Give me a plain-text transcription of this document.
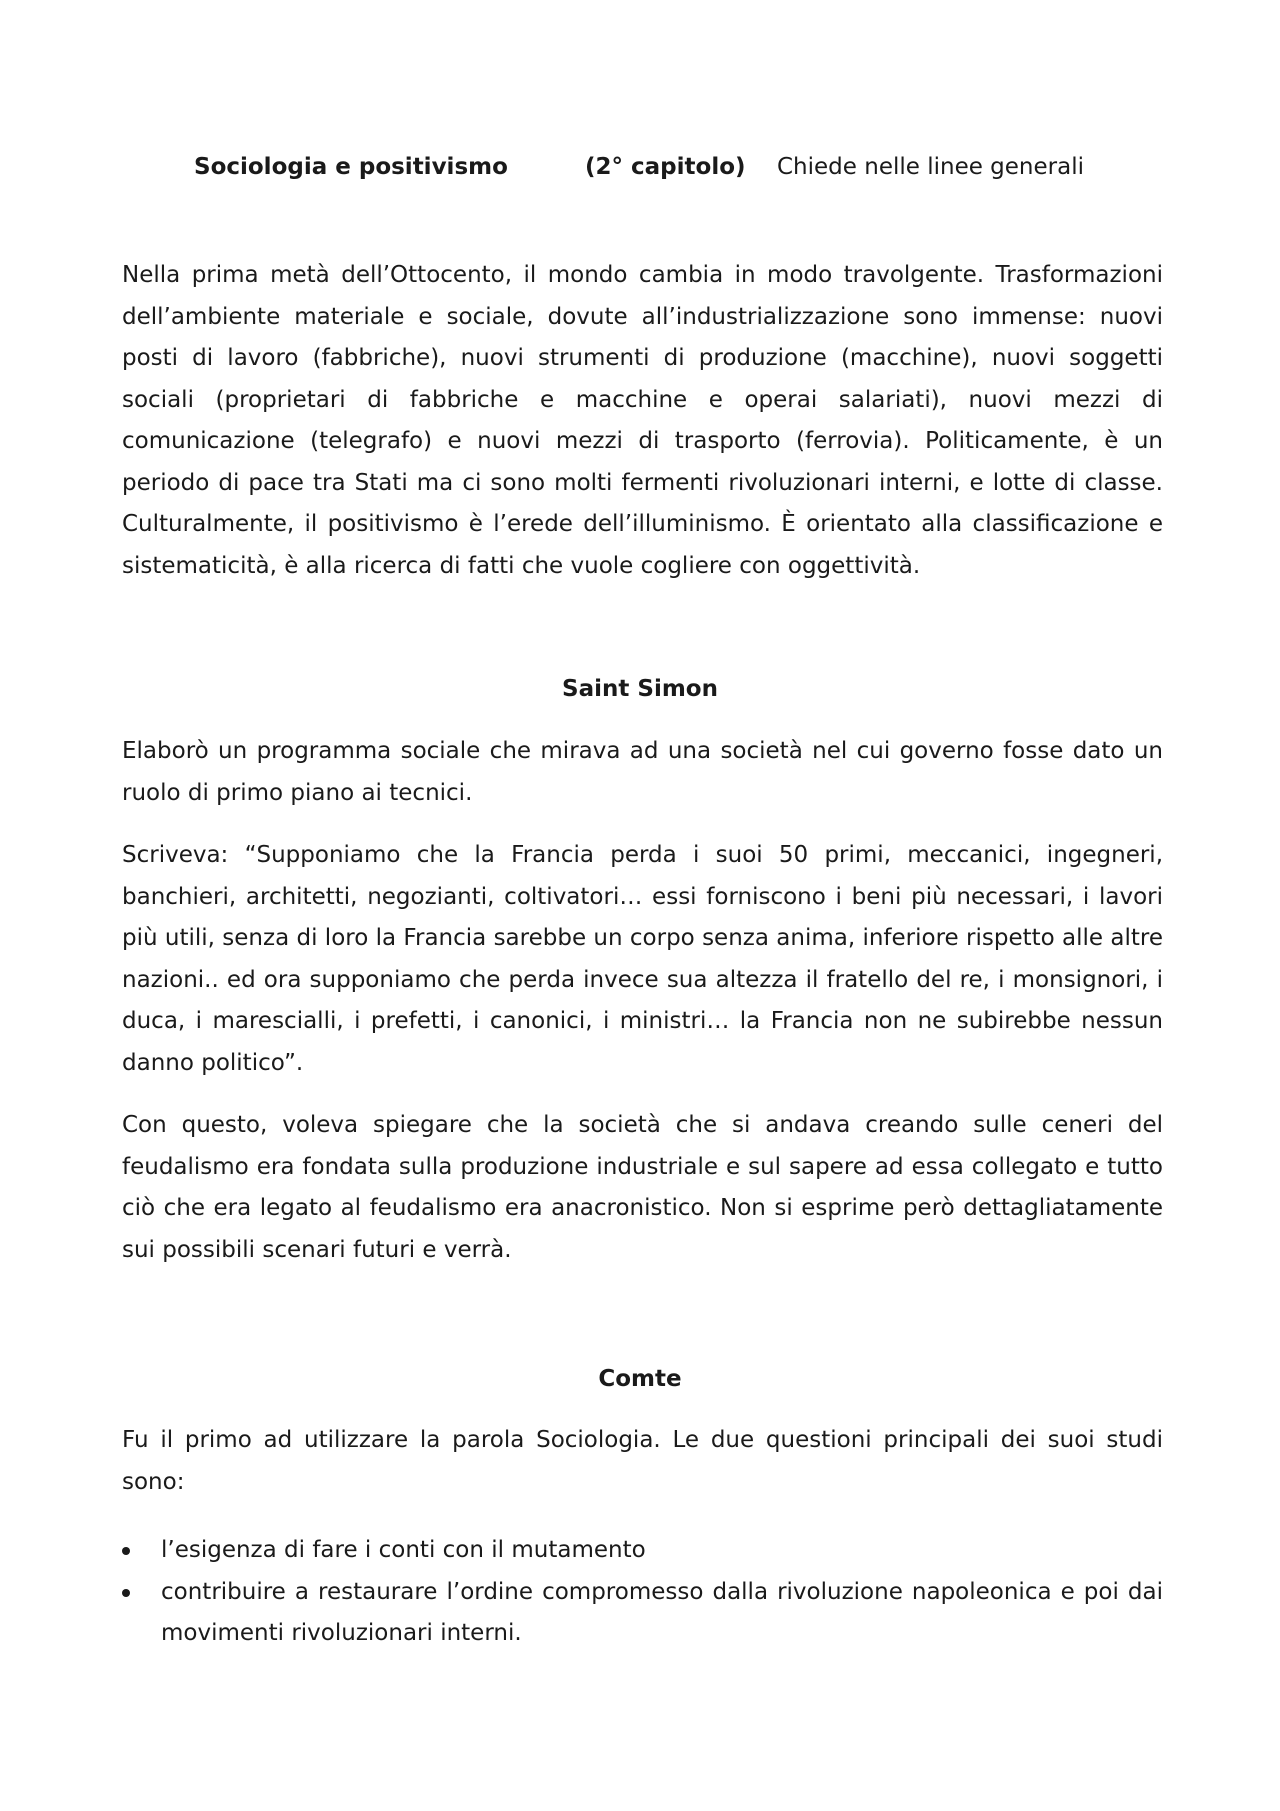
Sociologia e positivismo	(2° capitolo) Chiede nelle linee generali

Nella prima metà dell’Ottocento, il mondo cambia in modo travolgente. Trasformazioni dell’ambiente materiale e sociale, dovute all’industrializzazione sono immense: nuovi posti di lavoro (fabbriche), nuovi strumenti di produzione (macchine), nuovi soggetti sociali (proprietari di fabbriche e macchine e operai salariati), nuovi mezzi di comunicazione (telegrafo) e nuovi mezzi di trasporto (ferrovia). Politicamente, è un periodo di pace tra Stati ma ci sono molti fermenti rivoluzionari interni, e lotte di classe. Culturalmente, il positivismo è l’erede dell’illuminismo. È orientato alla classificazione e sistematicità, è alla ricerca di fatti che vuole cogliere con oggettività.

Saint Simon

Elaborò un programma sociale che mirava ad una società nel cui governo fosse dato un ruolo di primo piano ai tecnici.

Scriveva: “Supponiamo che la Francia perda i suoi 50 primi, meccanici, ingegneri, banchieri, architetti, negozianti, coltivatori… essi forniscono i beni più necessari, i lavori più utili, senza di loro la Francia sarebbe un corpo senza anima, inferiore rispetto alle altre nazioni.. ed ora supponiamo che perda invece sua altezza il fratello del re, i monsignori, i duca, i marescialli, i prefetti, i canonici, i ministri… la Francia non ne subirebbe nessun danno politico”.

Con questo, voleva spiegare che la società che si andava creando sulle ceneri del feudalismo era fondata sulla produzione industriale e sul sapere ad essa collegato e tutto ciò che era legato al feudalismo era anacronistico. Non si esprime però dettagliatamente sui possibili scenari futuri e verrà.

Comte

Fu il primo ad utilizzare la parola Sociologia. Le due questioni principali dei suoi studi sono:

l’esigenza di fare i conti con il mutamento
contribuire a restaurare l’ordine compromesso dalla rivoluzione napoleonica e poi dai movimenti rivoluzionari interni.
